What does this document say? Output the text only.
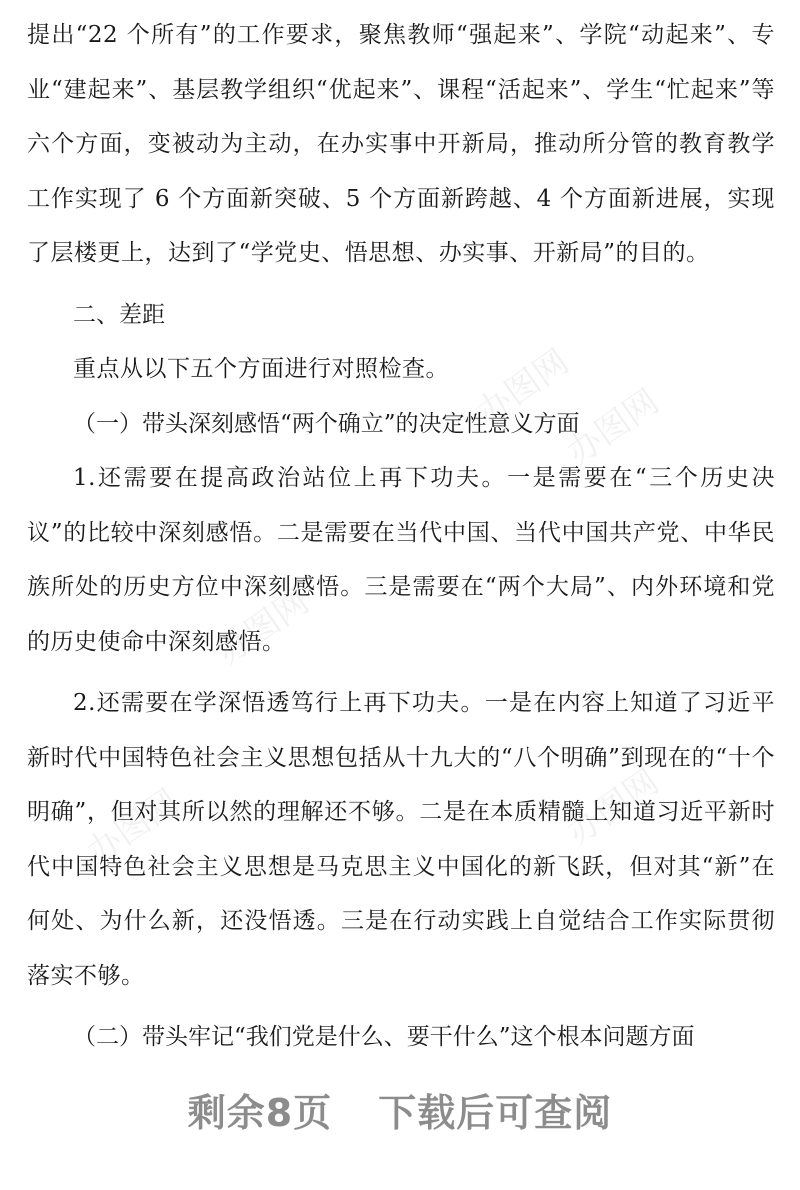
办图网
办图网
办图网
办图网	办图网

提出“22 个所有”的工作要求，聚焦教师“强起来”、学院“动起来”、专业“建起来”、基层教学组织“优起来”、课程“活起来”、学生“忙起来”等六个方面，变被动为主动，在办实事中开新局，推动所分管的教育教学工作实现了 6 个方面新突破、5 个方面新跨越、4 个方面新进展，实现了层楼更上，达到了“学党史、悟思想、办实事、开新局”的目的。

二、差距

重点从以下五个方面进行对照检查。

（一）带头深刻感悟“两个确立”的决定性意义方面

1.还需要在提高政治站位上再下功夫。一是需要在“三个历史决议”的比较中深刻感悟。二是需要在当代中国、当代中国共产党、中华民族所处的历史方位中深刻感悟。三是需要在“两个大局”、内外环境和党的历史使命中深刻感悟。

2.还需要在学深悟透笃行上再下功夫。一是在内容上知道了习近平新时代中国特色社会主义思想包括从十九大的“八个明确”到现在的“十个明确”，但对其所以然的理解还不够。二是在本质精髓上知道习近平新时代中国特色社会主义思想是马克思主义中国化的新飞跃，但对其“新”在何处、为什么新，还没悟透。三是在行动实践上自觉结合工作实际贯彻落实不够。

（二）带头牢记“我们党是什么、要干什么”这个根本问题方面

剩余8页 下载后可查阅
